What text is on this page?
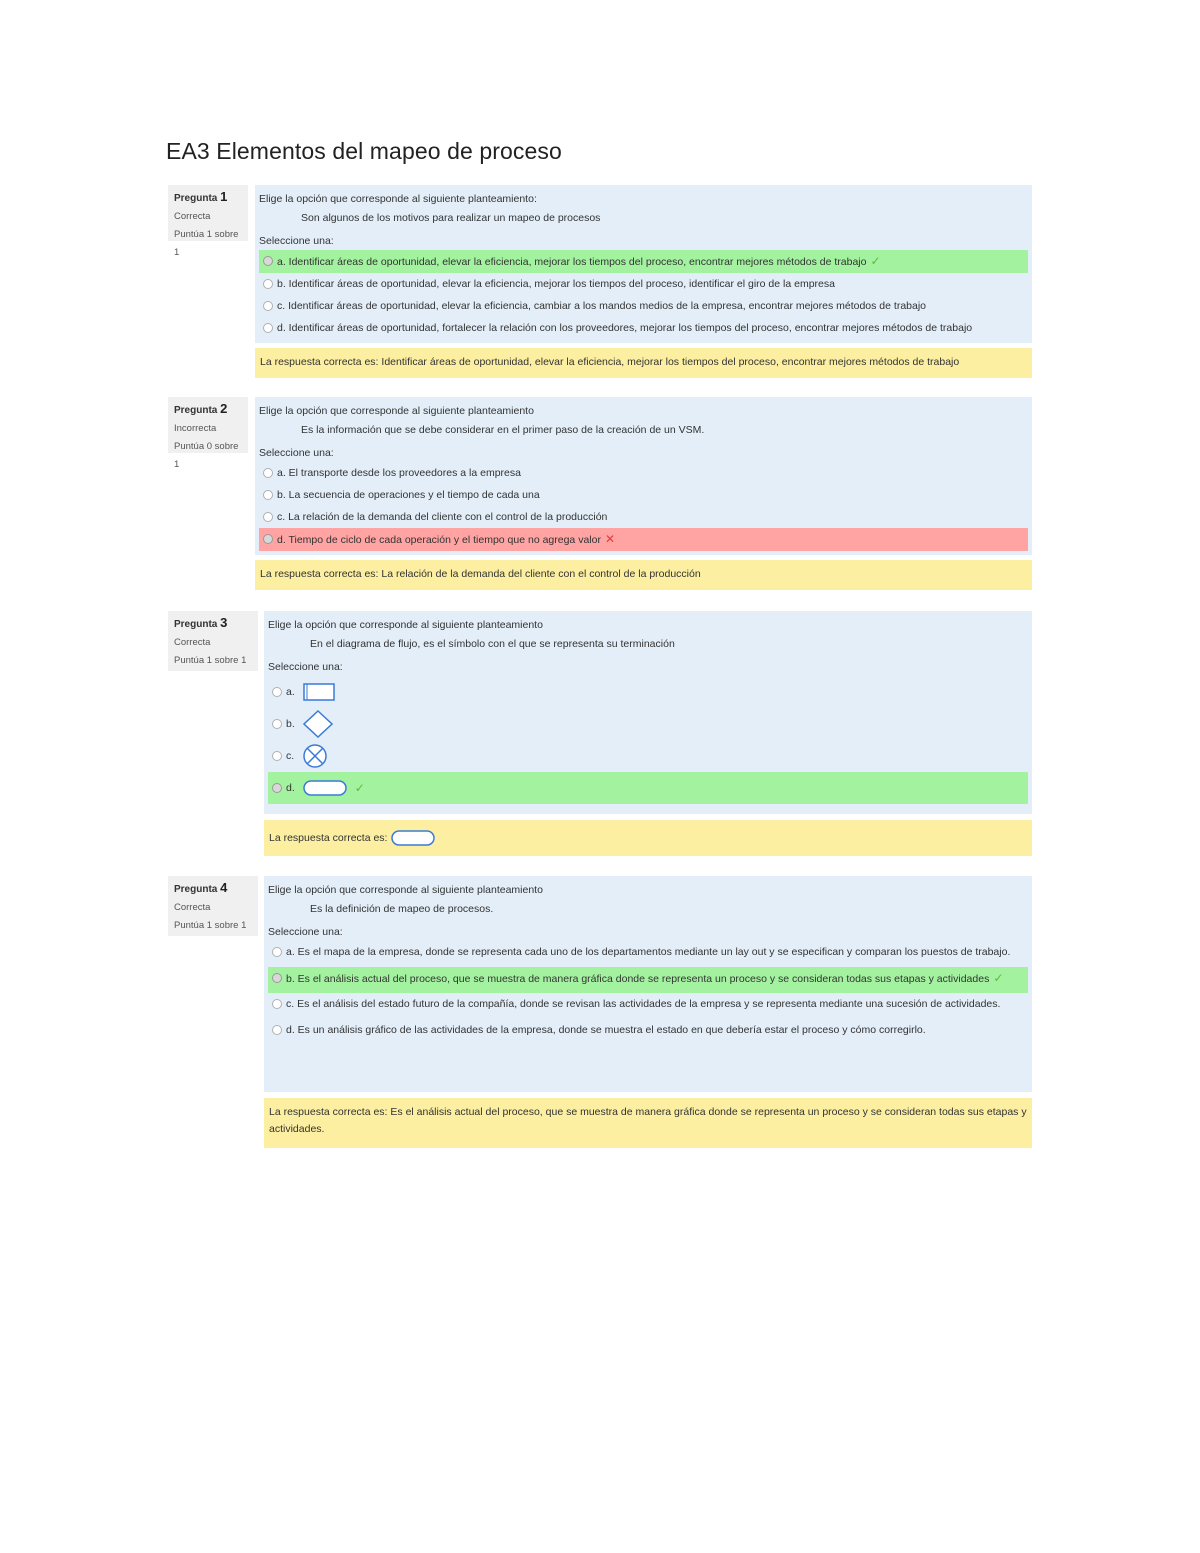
EA3 Elementos del mapeo de proceso
Pregunta 1
Correcta
Puntúa 1 sobre 1
Elige la opción que corresponde al siguiente planteamiento:
Son algunos de los motivos para realizar un mapeo de procesos
Seleccione una:
a. Identificar áreas de oportunidad, elevar la eficiencia, mejorar los tiempos del proceso, encontrar mejores métodos de trabajo ✓
b. Identificar áreas de oportunidad, elevar la eficiencia, mejorar los tiempos del proceso, identificar el giro de la empresa
c. Identificar áreas de oportunidad, elevar la eficiencia, cambiar a los mandos medios de la empresa, encontrar mejores métodos de trabajo
d. Identificar áreas de oportunidad, fortalecer la relación con los proveedores, mejorar los tiempos del proceso, encontrar mejores métodos de trabajo
La respuesta correcta es: Identificar áreas de oportunidad, elevar la eficiencia, mejorar los tiempos del proceso, encontrar mejores métodos de trabajo
Pregunta 2
Incorrecta
Puntúa 0 sobre 1
Elige la opción que corresponde al siguiente planteamiento
Es la información que se debe considerar en el primer paso de la creación de un VSM.
Seleccione una:
a. El transporte desde los proveedores a la empresa
b. La secuencia de operaciones y el tiempo de cada una
c. La relación de la demanda del cliente con el control de la producción
d. Tiempo de ciclo de cada operación y el tiempo que no agrega valor ✕
La respuesta correcta es: La relación de la demanda del cliente con el control de la producción
Pregunta 3
Correcta
Puntúa 1 sobre 1
Elige la opción que corresponde al siguiente planteamiento
En el diagrama de flujo, es el símbolo con el que se representa su terminación
Seleccione una:
a.
b.
c.
d.	✓
La respuesta correcta es:
Pregunta 4
Correcta
Puntúa 1 sobre 1
Elige la opción que corresponde al siguiente planteamiento
Es la definición de mapeo de procesos.
Seleccione una:
a. Es el mapa de la empresa, donde se representa cada uno de los departamentos mediante un lay out y se especifican y comparan los puestos de trabajo.
b. Es el análisis actual del proceso, que se muestra de manera gráfica donde se representa un proceso y se consideran todas sus etapas y actividades ✓
c. Es el análisis del estado futuro de la compañía, donde se revisan las actividades de la empresa y se representa mediante una sucesión de actividades.
d. Es un análisis gráfico de las actividades de la empresa, donde se muestra el estado en que debería estar el proceso y cómo corregirlo.
La respuesta correcta es: Es el análisis actual del proceso, que se muestra de manera gráfica donde se representa un proceso y se consideran todas sus etapas y actividades.
